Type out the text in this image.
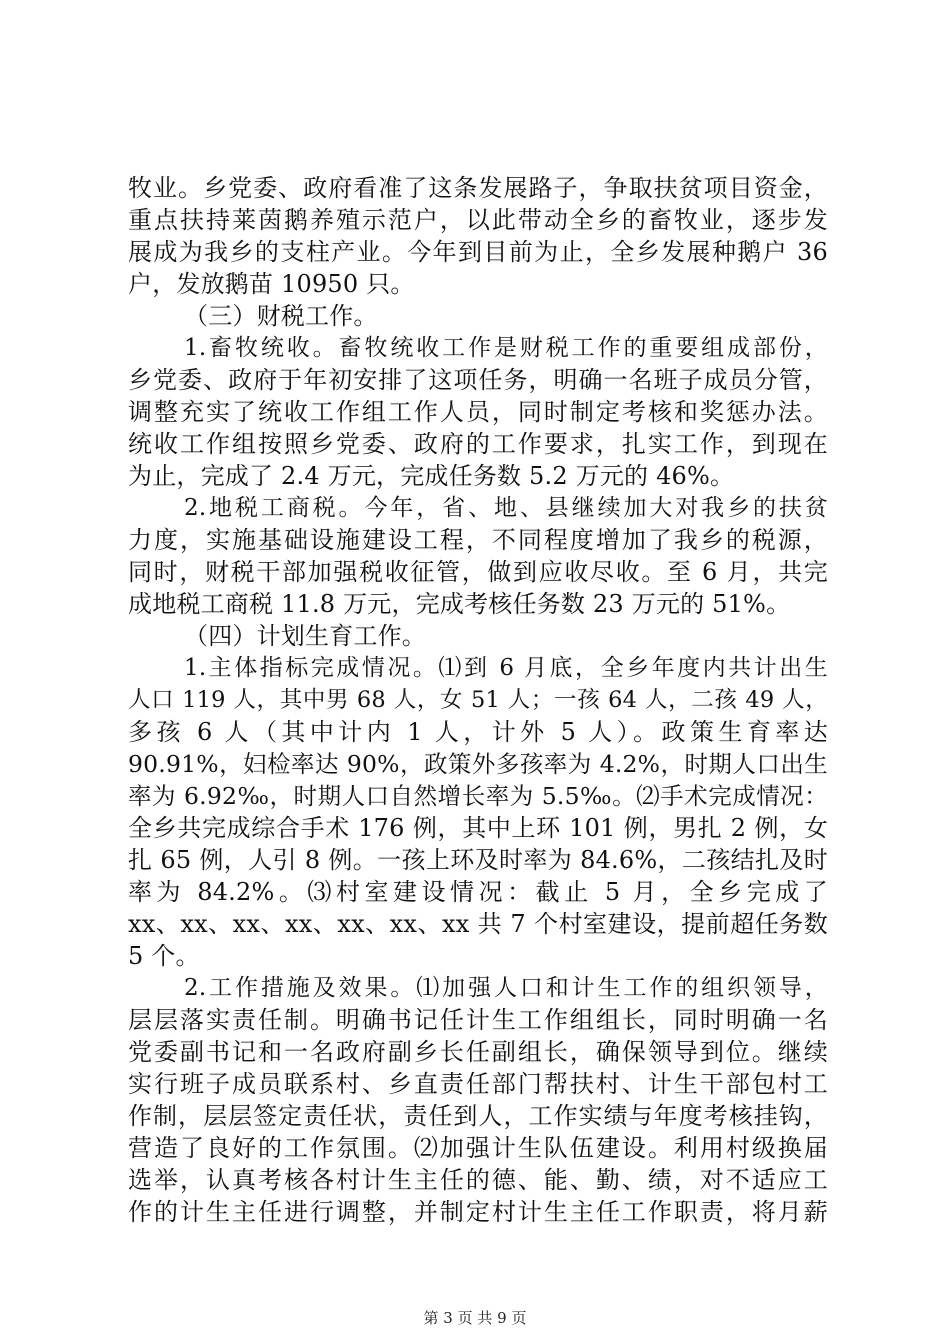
牧业。乡党委、政府看准了这条发展路子，争取扶贫项目资金，
重点扶持莱茵鹅养殖示范户，以此带动全乡的畜牧业，逐步发
展成为我乡的支柱产业。今年到目前为止，全乡发展种鹅户 36
户，发放鹅苗 10950 只。
（三）财税工作。
1.畜牧统收。畜牧统收工作是财税工作的重要组成部份，
乡党委、政府于年初安排了这项任务，明确一名班子成员分管，
调整充实了统收工作组工作人员，同时制定考核和奖惩办法。
统收工作组按照乡党委、政府的工作要求，扎实工作，到现在
为止，完成了 2.4 万元，完成任务数 5.2 万元的 46%。
2.地税工商税。今年，省、地、县继续加大对我乡的扶贫
力度，实施基础设施建设工程，不同程度增加了我乡的税源，
同时，财税干部加强税收征管，做到应收尽收。至 6 月，共完
成地税工商税 11.8 万元，完成考核任务数 23 万元的 51%。
（四）计划生育工作。
1.主体指标完成情况。⑴到 6 月底，全乡年度内共计出生
人口 119 人，其中男 68 人，女 51 人；一孩 64 人，二孩 49 人，
多孩 6 人（其中计内 1 人，计外 5 人）。政策生育率达
90.91%，妇检率达 90%，政策外多孩率为 4.2%，时期人口出生
率为 6.92‰，时期人口自然增长率为 5.5‰。⑵手术完成情况：
全乡共完成综合手术 176 例，其中上环 101 例，男扎 2 例，女
扎 65 例，人引 8 例。一孩上环及时率为 84.6%，二孩结扎及时
率为 84.2%。⑶村室建设情况：截止 5 月，全乡完成了
xx、xx、xx、xx、xx、xx、xx 共 7 个村室建设，提前超任务数
5 个。
2.工作措施及效果。⑴加强人口和计生工作的组织领导，
层层落实责任制。明确书记任计生工作组组长，同时明确一名
党委副书记和一名政府副乡长任副组长，确保领导到位。继续
实行班子成员联系村、乡直责任部门帮扶村、计生干部包村工
作制，层层签定责任状，责任到人，工作实绩与年度考核挂钩，
营造了良好的工作氛围。⑵加强计生队伍建设。利用村级换届
选举，认真考核各村计生主任的德、能、勤、绩，对不适应工
作的计生主任进行调整，并制定村计生主任工作职责，将月薪
第 3 页 共 9 页
